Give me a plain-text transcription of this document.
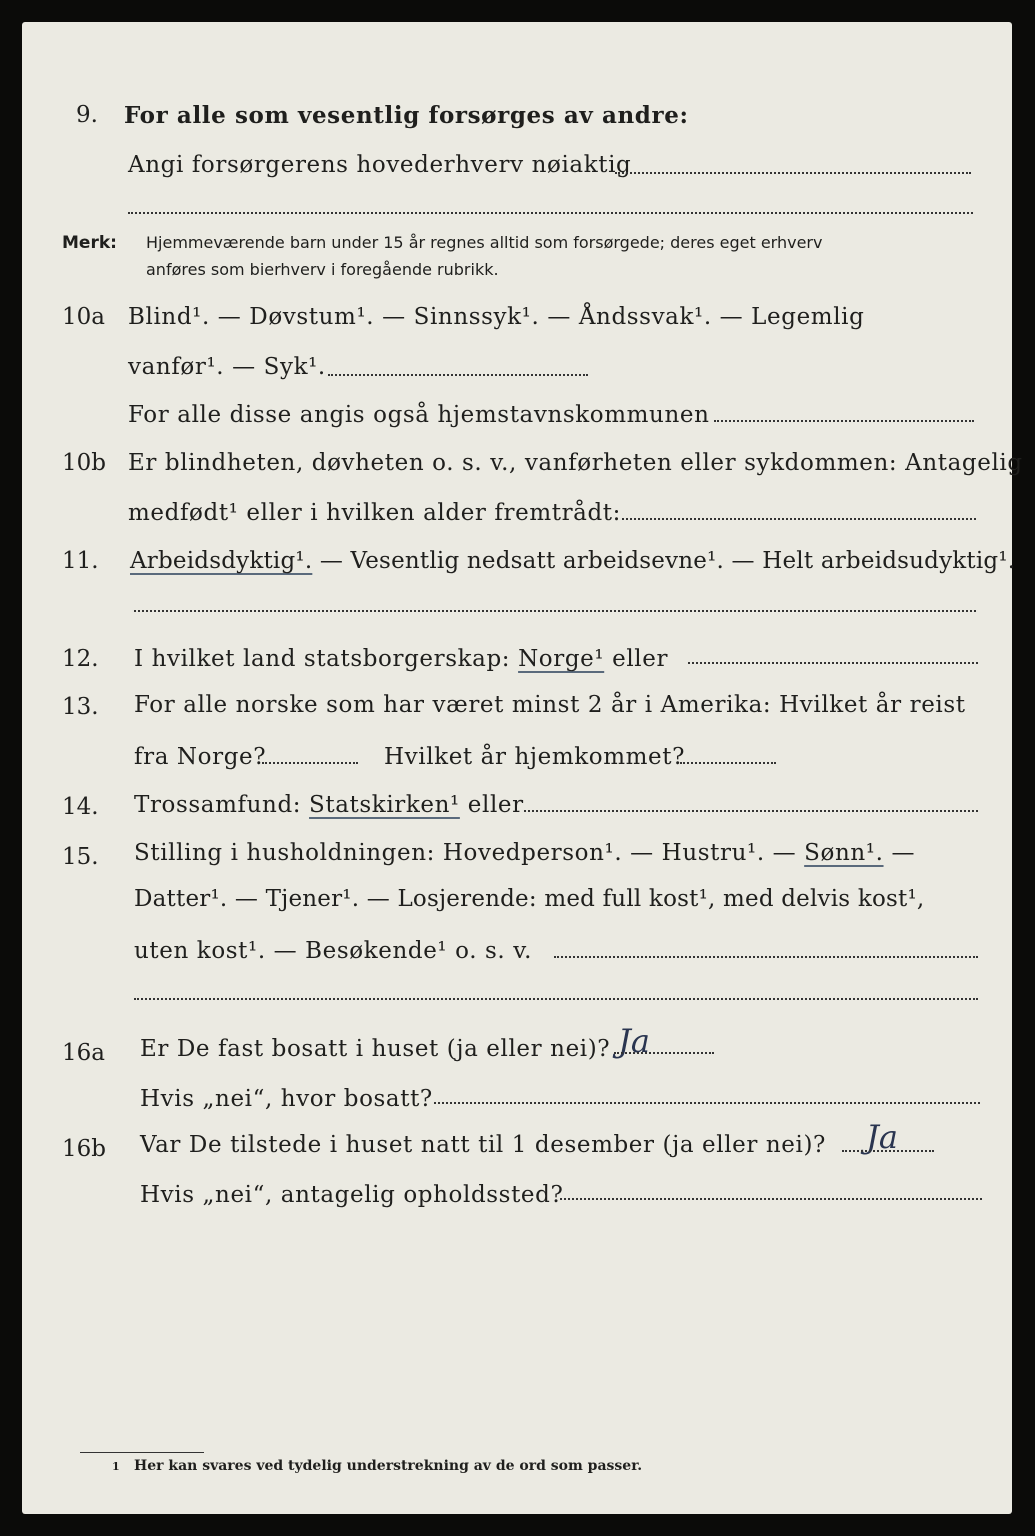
9. For alle som vesentlig forsørges av andre:
Angi forsørgerens hovederhverv nøiaktig
Merk: Hjemmeværende barn under 15 år regnes alltid som forsørgede; deres eget erhverv
anføres som bierhverv i foregående rubrikk.
10a Blind¹. — Døvstum¹. — Sinnssyk¹. — Åndssvak¹. — Legemlig
vanfør¹. — Syk¹.
For alle disse angis også hjemstavnskommunen
10b Er blindheten, døvheten o. s. v., vanførheten eller sykdommen: Antagelig
medfødt¹ eller i hvilken alder fremtrådt:
11. Arbeidsdyktig¹. — Vesentlig nedsatt arbeidsevne¹. — Helt arbeidsudyktig¹.
12. I hvilket land statsborgerskap: Norge¹ eller
13. For alle norske som har været minst 2 år i Amerika: Hvilket år reist
fra Norge?	Hvilket år hjemkommet?
14. Trossamfund: Statskirken¹ eller
15. Stilling i husholdningen: Hovedperson¹. — Hustru¹. — Sønn¹. —
Datter¹. — Tjener¹. — Losjerende: med full kost¹, med delvis kost¹,
uten kost¹. — Besøkende¹ o. s. v.
16a Er De fast bosatt i huset (ja eller nei)? Ja
Hvis „nei“, hvor bosatt?
16b Var De tilstede i huset natt til 1 desember (ja eller nei)? Ja
Hvis „nei“, antagelig opholdssted?
1 Her kan svares ved tydelig understrekning av de ord som passer.
